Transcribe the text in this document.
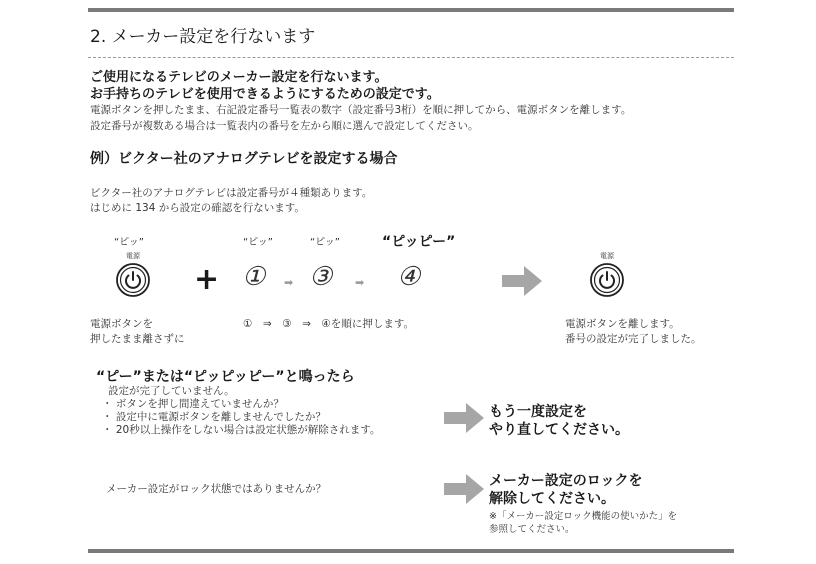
2. メーカー設定を行ないます
ご使用になるテレビのメーカー設定を行ないます。
お手持ちのテレビを使用できるようにするための設定です。
電源ボタンを押したまま、右記設定番号一覧表の数字（設定番号3桁）を順に押してから、電源ボタンを離します。
設定番号が複数ある場合は一覧表内の番号を左から順に選んで設定してください。
例）ビクター社のアナログテレビを設定する場合
ビクター社のアナログテレビは設定番号が４種類あります。
はじめに 134 から設定の確認を行ないます。
“ピッ”	“ピッ”	“ピッ”	“ピッピー”
電源
+ ① ➡ ③ ➡ ④
電源
電源ボタンを
押したまま離さずに
①　⇒　③　⇒　④を順に押します。	電源ボタンを離します。
番号の設定が完了しました。
“ピー”または“ピッピッピー”と鳴ったら
設定が完了していません。
・ ボタンを押し間違えていませんか？
・ 設定中に電源ボタンを離しませんでしたか？
・ 20秒以上操作をしない場合は設定状態が解除されます。
もう一度設定を
やり直してください。
メーカー設定がロック状態ではありませんか？	メーカー設定のロックを
解除してください。
※「メーカー設定ロック機能の使いかた」を
参照してください。
